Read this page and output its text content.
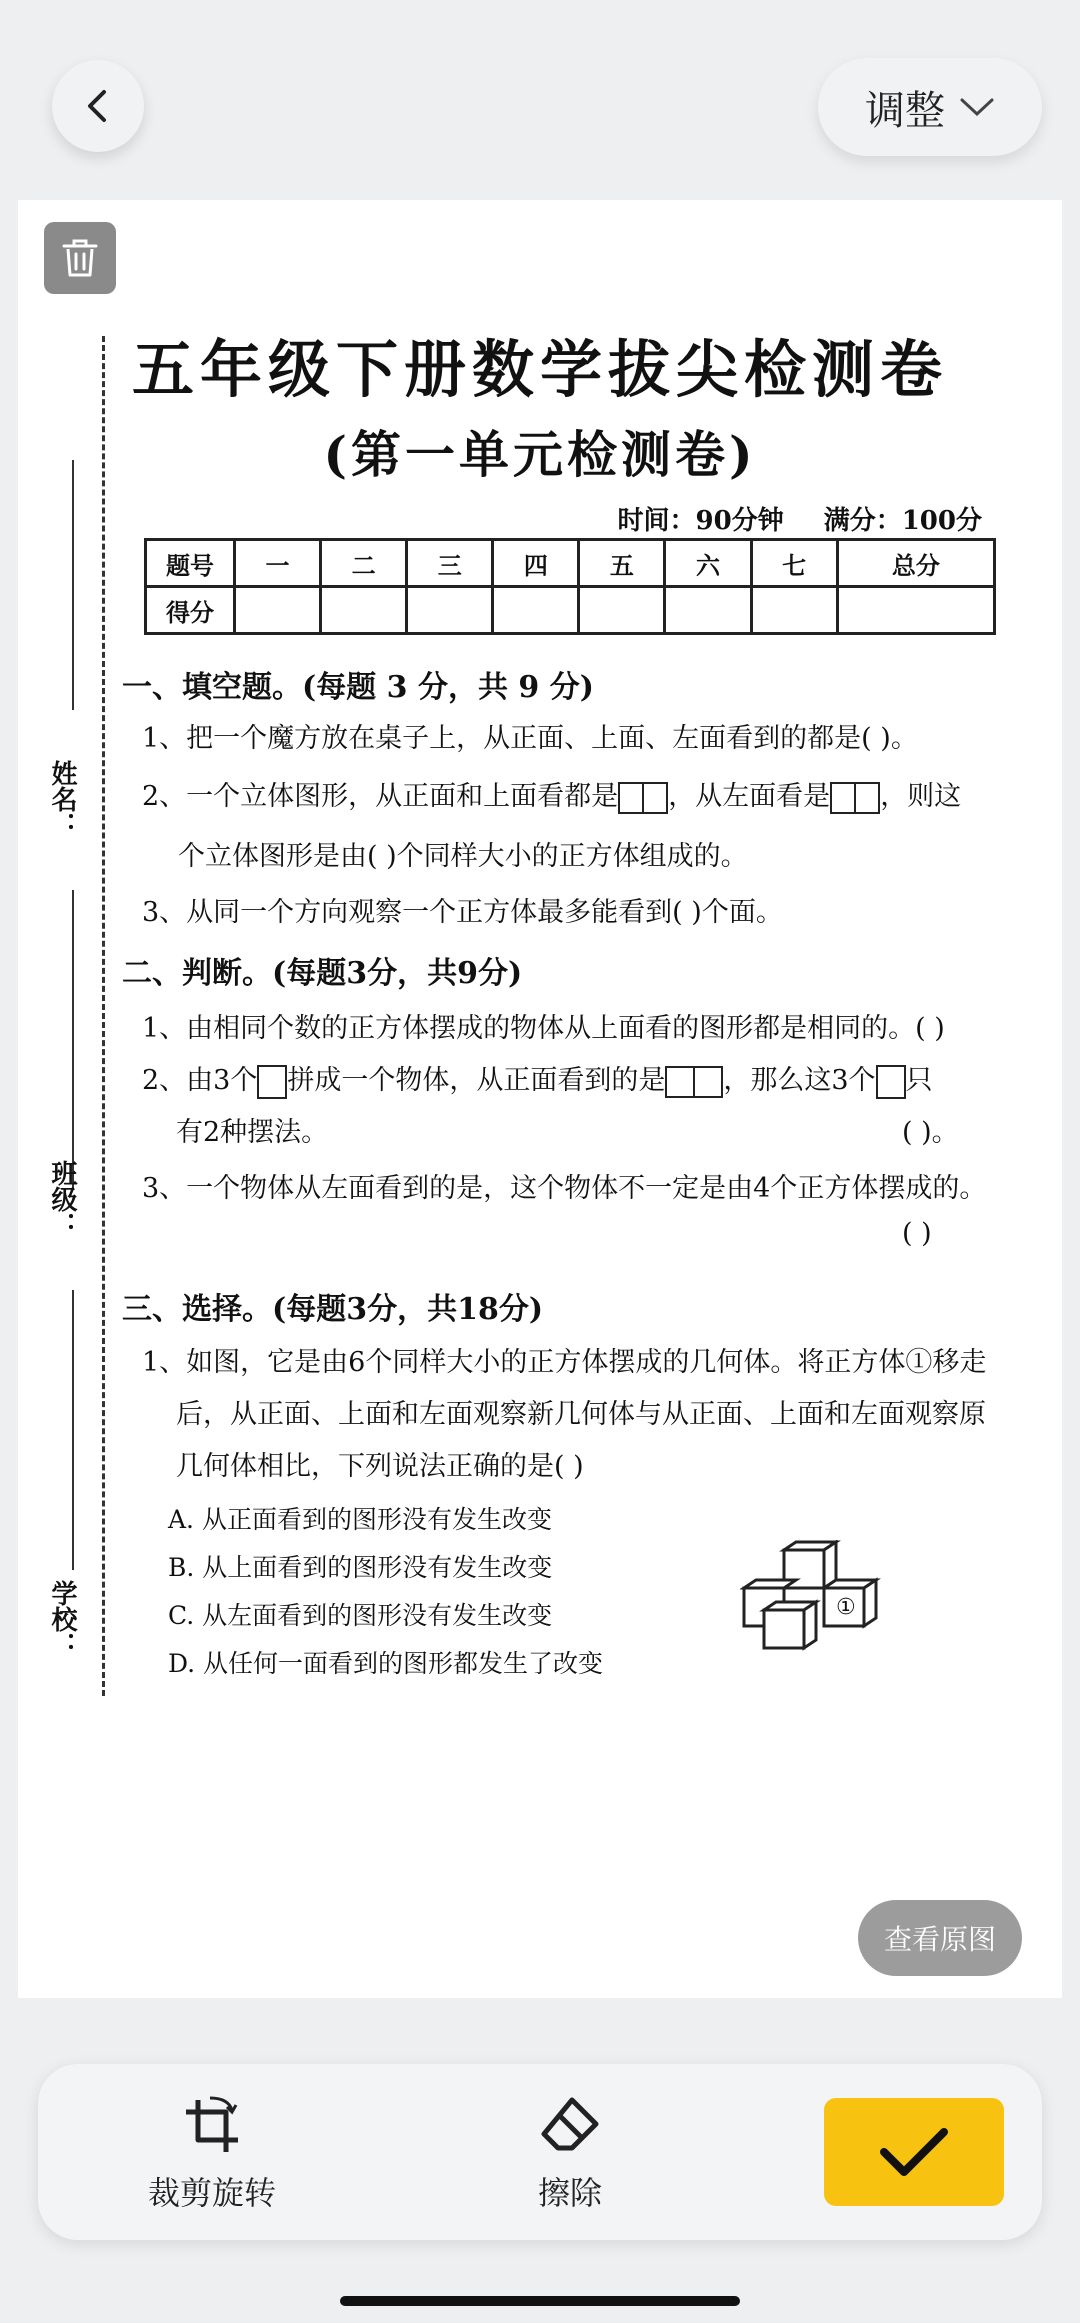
调整
姓名：
班级：
学校：
五年级下册数学拔尖检测卷
(第一单元检测卷)
时间：90分钟 满分：100分
题号	一	二	三	四	五	六	七	总分
得分								
一、填空题。(每题 3 分，共 9 分)
1、把一个魔方放在桌子上，从正面、上面、左面看到的都是( )。
2、一个立体图形，从正面和上面看都是 ，从左面看是 ，则这
个立体图形是由( )个同样大小的正方体组成的。
3、从同一个方向观察一个正方体最多能看到( )个面。
二、判断。(每题3分，共9分)
1、由相同个数的正方体摆成的物体从上面看的图形都是相同的。( )
2、由3个 拼成一个物体，从正面看到的是 ，那么这3个 只
有2种摆法。	( )。
3、一个物体从左面看到的是，这个物体不一定是由4个正方体摆成的。
( )
三、选择。(每题3分，共18分)
1、如图，它是由6个同样大小的正方体摆成的几何体。将正方体①移走
后，从正面、上面和左面观察新几何体与从正面、上面和左面观察原
几何体相比，下列说法正确的是( )
A. 从正面看到的图形没有发生改变
B. 从上面看到的图形没有发生改变
C. 从左面看到的图形没有发生改变
D. 从任何一面看到的图形都发生了改变
①
查看原图
裁剪旋转	擦除
